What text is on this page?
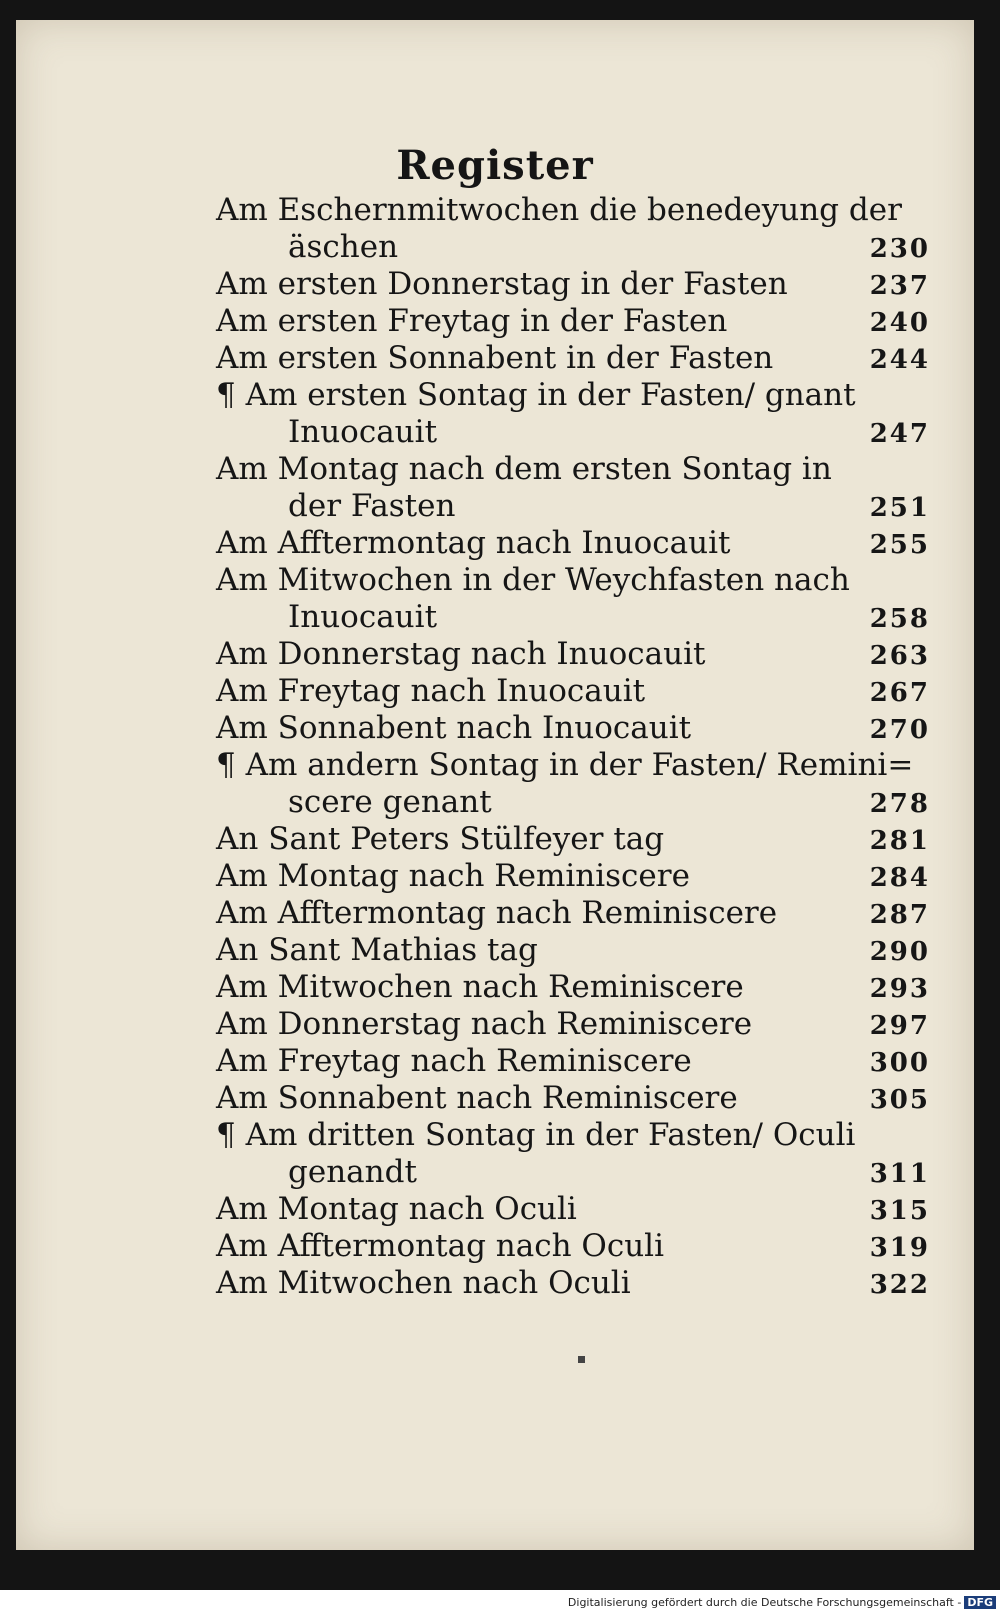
Register
Am Eschernmitwochen die benedeyung der
äschen	230
Am ersten Donnerstag in der Fasten	237
Am ersten Freytag in der Fasten	240
Am ersten Sonnabent in der Fasten	244
¶ Am ersten Sontag in der Fasten/ gnant
Inuocauit	247
Am Montag nach dem ersten Sontag in
der Fasten	251
Am Afftermontag nach Inuocauit	255
Am Mitwochen in der Weychfasten nach
Inuocauit	258
Am Donnerstag nach Inuocauit	263
Am Freytag nach Inuocauit	267
Am Sonnabent nach Inuocauit	270
¶ Am andern Sontag in der Fasten/ Remini=
scere genant	278
An Sant Peters Stülfeyer tag	281
Am Montag nach Reminiscere	284
Am Afftermontag nach Reminiscere	287
An Sant Mathias tag	290
Am Mitwochen nach Reminiscere	293
Am Donnerstag nach Reminiscere	297
Am Freytag nach Reminiscere	300
Am Sonnabent nach Reminiscere	305
¶ Am dritten Sontag in der Fasten/ Oculi
genandt	311
Am Montag nach Oculi	315
Am Afftermontag nach Oculi	319
Am Mitwochen nach Oculi	322
Digitalisierung gefördert durch die Deutsche Forschungsgemeinschaft - DFG
